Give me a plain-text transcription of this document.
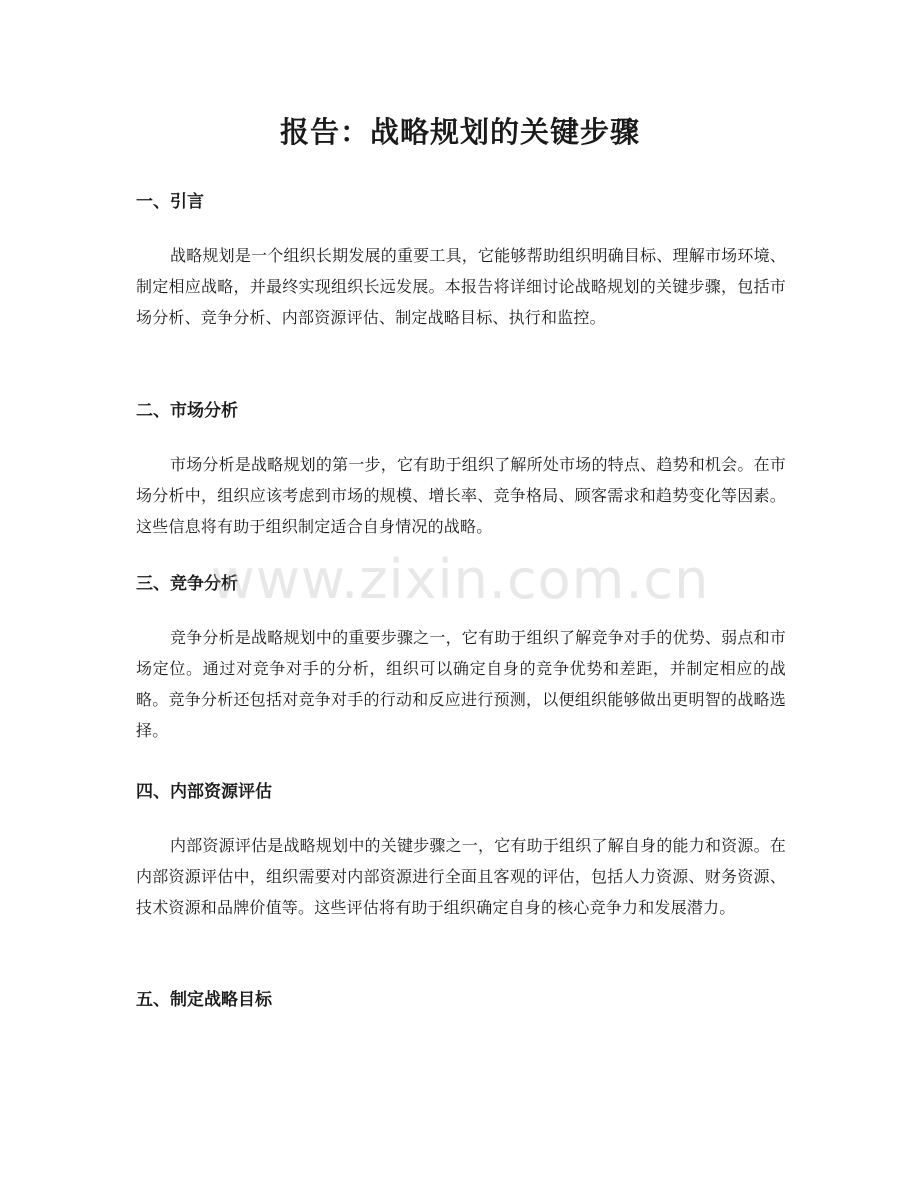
报告：战略规划的关键步骤
一、引言

战略规划是一个组织长期发展的重要工具，它能够帮助组织明确目标、理解市场环境、制定相应战略，并最终实现组织长远发展。本报告将详细讨论战略规划的关键步骤，包括市场分析、竞争分析、内部资源评估、制定战略目标、执行和监控。

二、市场分析

市场分析是战略规划的第一步，它有助于组织了解所处市场的特点、趋势和机会。在市场分析中，组织应该考虑到市场的规模、增长率、竞争格局、顾客需求和趋势变化等因素。这些信息将有助于组织制定适合自身情况的战略。

三、竞争分析

竞争分析是战略规划中的重要步骤之一，它有助于组织了解竞争对手的优势、弱点和市场定位。通过对竞争对手的分析，组织可以确定自身的竞争优势和差距，并制定相应的战略。竞争分析还包括对竞争对手的行动和反应进行预测，以便组织能够做出更明智的战略选择。

四、内部资源评估

内部资源评估是战略规划中的关键步骤之一，它有助于组织了解自身的能力和资源。在内部资源评估中，组织需要对内部资源进行全面且客观的评估，包括人力资源、财务资源、技术资源和品牌价值等。这些评估将有助于组织确定自身的核心竞争力和发展潜力。

五、制定战略目标
www.zixin.com.cn
